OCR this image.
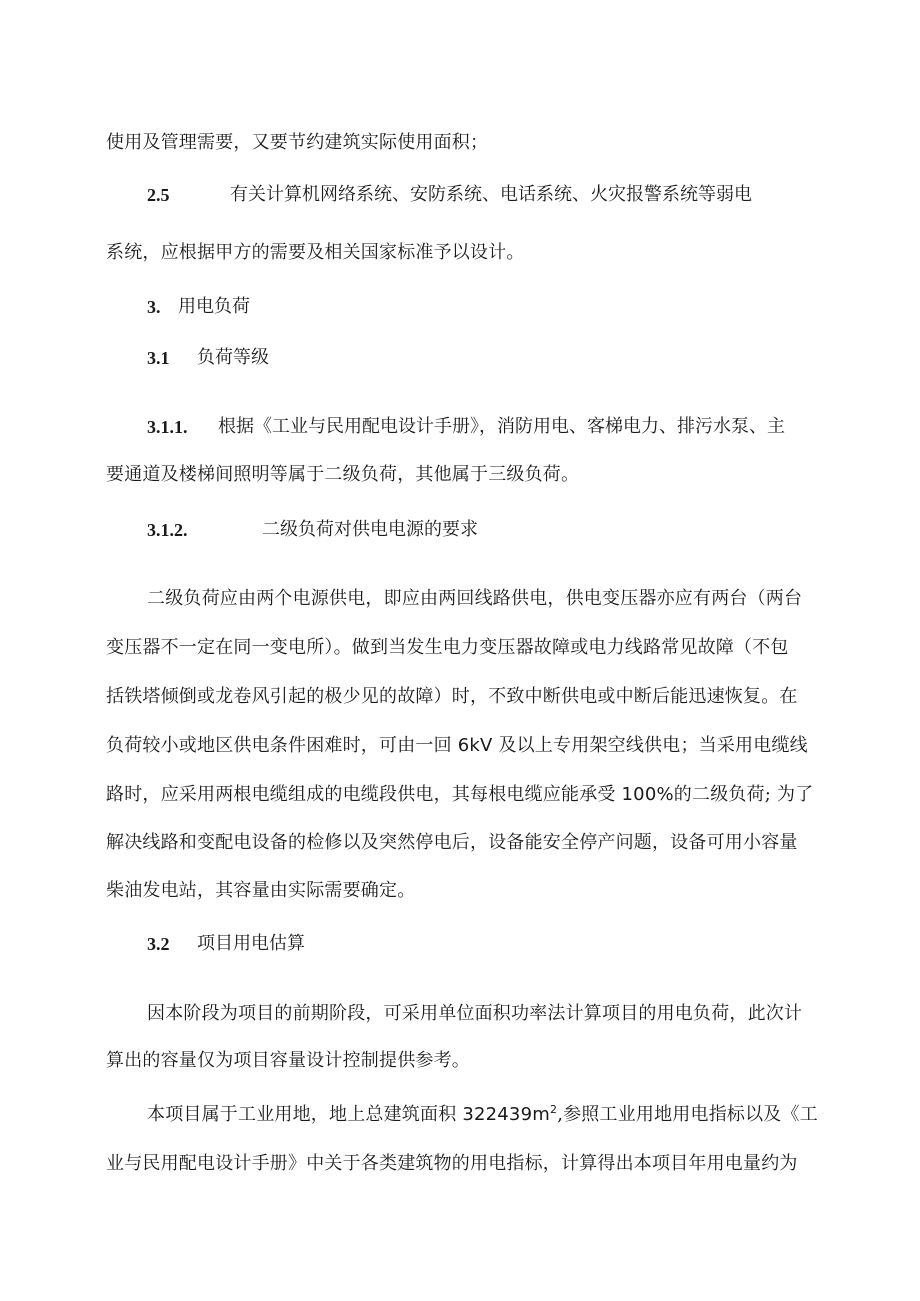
使用及管理需要，又要节约建筑实际使用面积；
2.5	有关计算机网络系统、安防系统、电话系统、火灾报警系统等弱电
系统，应根据甲方的需要及相关国家标准予以设计。
3. 用电负荷
3.1 负荷等级
3.1.1. 根据《工业与民用配电设计手册》，消防用电、客梯电力、排污水泵、主
要通道及楼梯间照明等属于二级负荷，其他属于三级负荷。
3.1.2.	二级负荷对供电电源的要求
二级负荷应由两个电源供电，即应由两回线路供电，供电变压器亦应有两台（两台
变压器不一定在同一变电所）。做到当发生电力变压器故障或电力线路常见故障（不包
括铁塔倾倒或龙卷风引起的极少见的故障）时，不致中断供电或中断后能迅速恢复。在
负荷较小或地区供电条件困难时，可由一回 6kV 及以上专用架空线供电；当采用电缆线
路时，应采用两根电缆组成的电缆段供电，其每根电缆应能承受 100%的二级负荷; 为了
解决线路和变配电设备的检修以及突然停电后，设备能安全停产问题，设备可用小容量
柴油发电站，其容量由实际需要确定。
3.2 项目用电估算
因本阶段为项目的前期阶段，可采用单位面积功率法计算项目的用电负荷，此次计
算出的容量仅为项目容量设计控制提供参考。
本项目属于工业用地，地上总建筑面积 $322439m^2$,参照工业用地用电指标以及《工
业与民用配电设计手册》中关于各类建筑物的用电指标，计算得出本项目年用电量约为
